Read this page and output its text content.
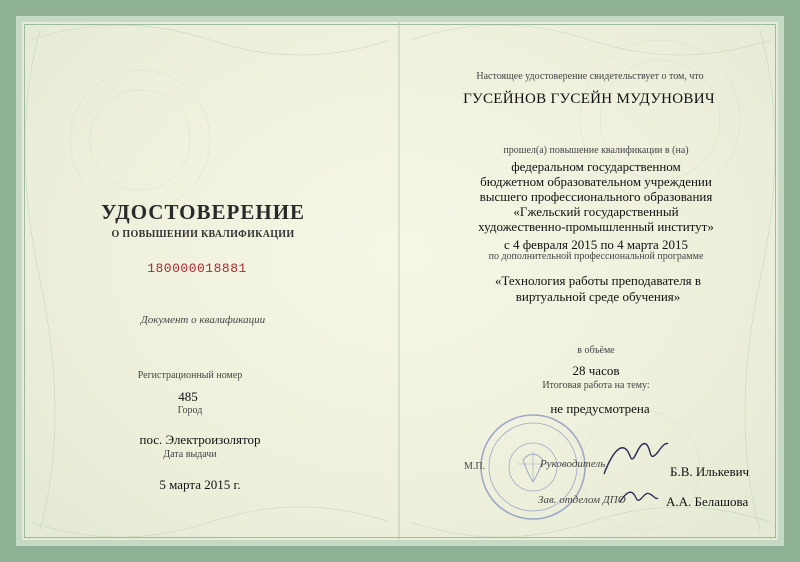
УДОСТОВЕРЕНИЕ
О ПОВЫШЕНИИ КВАЛИФИКАЦИИ
180000018881
Документ о квалификации
Регистрационный номер
485
Город
пос. Электроизолятор
Дата выдачи
5 марта 2015 г.
Настоящее удостоверение свидетельствует о том, что
ГУСЕЙНОВ ГУСЕЙН МУДУНОВИЧ
прошел(а) повышение квалификации в (на)
федеральном государственном
бюджетном образовательном учреждении
высшего профессионального образования
«Гжельский государственный
художественно-промышленный институт»
с 4 февраля 2015 по 4 марта 2015
по дополнительной профессиональной программе
«Технология работы преподавателя в
виртуальной среде обучения»
в объёме
28 часов
Итоговая работа на тему:
не предусмотрена
М.П.	Руководитель	Б.В. Илькевич
Зав. отделом ДПО	А.А. Белашова
